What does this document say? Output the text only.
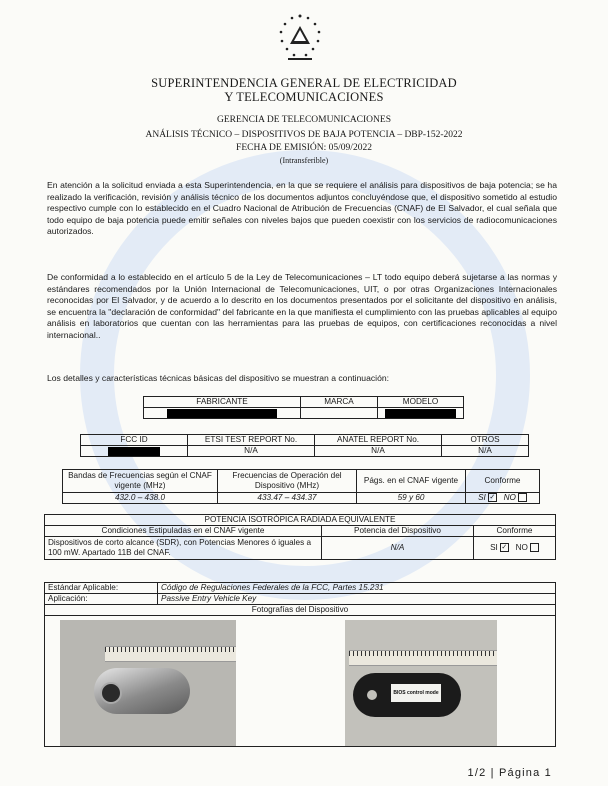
SUPERINTENDENCIA GENERAL DE ELECTRICIDAD
Y TELECOMUNICACIONES
GERENCIA DE TELECOMUNICACIONES
ANÁLISIS TÉCNICO – DISPOSITIVOS DE BAJA POTENCIA – DBP-152-2022
FECHA DE EMISIÓN: 05/09/2022
(Intransferible)
En atención a la solicitud enviada a esta Superintendencia, en la que se requiere el análisis para dispositivos de baja potencia; se ha realizado la verificación, revisión y análisis técnico de los documentos adjuntos concluyéndose que, el dispositivo sometido al estudio respectivo cumple con lo establecido en el Cuadro Nacional de Atribución de Frecuencias (CNAF) de El Salvador, el cual señala que todo equipo de baja potencia puede emitir señales con niveles bajos que pueden coexistir con los servicios de radiocomunicaciones autorizados.
De conformidad a lo establecido en el artículo 5 de la Ley de Telecomunicaciones – LT todo equipo deberá sujetarse a las normas y estándares recomendados por la Unión Internacional de Telecomunicaciones, UIT, o por otras Organizaciones Internacionales reconocidas por El Salvador, y de acuerdo a lo descrito en los documentos presentados por el solicitante del dispositivo en análisis, se encuentra la "declaración de conformidad" del fabricante en la que manifiesta el cumplimiento con las pruebas aplicables al equipo análisis en laboratorios que cuentan con las herramientas para las pruebas de equipos, con certificaciones reconocidas a nivel internacional..
Los detalles y características técnicas básicas del dispositivo se muestran a continuación:
FABRICANTE	MARCA	MODELO

FCC ID	ETSI TEST REPORT No.	ANATEL REPORT No.	OTROS

	N/A	N/A	N/A
Bandas de Frecuencias según el CNAF vigente (MHz)	Frecuencias de Operación del Dispositivo (MHz)	Págs. en el CNAF vigente	Conforme
432.0 – 438.0	433.47 – 434.37	59 y 60	SI ✓ NO
POTENCIA ISOTRÓPICA RADIADA EQUIVALENTE		
Condiciones Estipuladas en el CNAF vigente	Potencia del Dispositivo	Conforme
Dispositivos de corto alcance (SDR), con Potencias Menores ó iguales a 100 mW. Apartado 11B del CNAF.	N/A	SI ✓ NO
Estándar Aplicable:	Código de Regulaciones Federales de la FCC, Partes 15.231
Aplicación:	Passive Entry Vehicle Key
Fotografías del Dispositivo	

BIOS control mode
1/2 | Página 1
